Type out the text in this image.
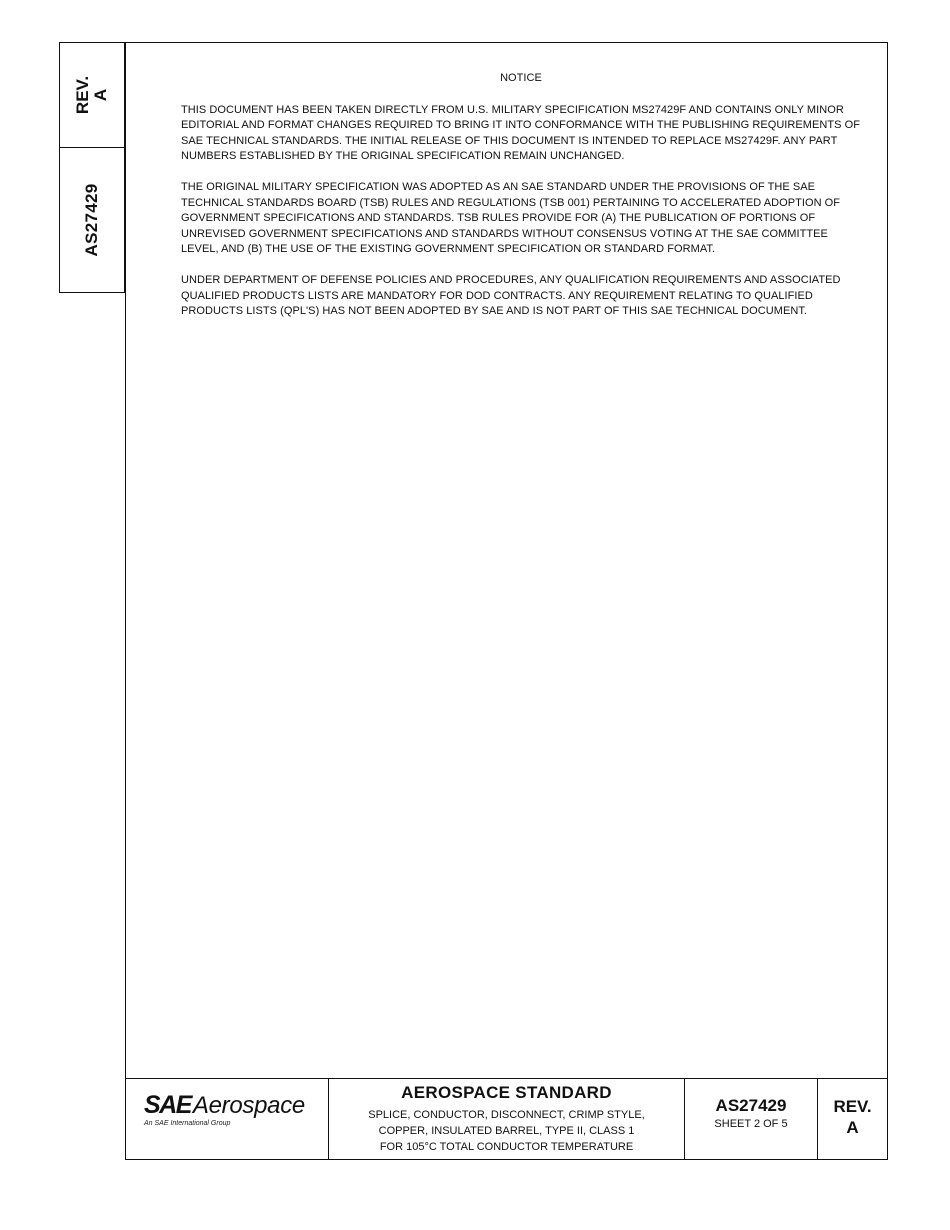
REV.
A
AS27429
NOTICE

THIS DOCUMENT HAS BEEN TAKEN DIRECTLY FROM U.S. MILITARY SPECIFICATION MS27429F AND CONTAINS ONLY MINOR EDITORIAL AND FORMAT CHANGES REQUIRED TO BRING IT INTO CONFORMANCE WITH THE PUBLISHING REQUIREMENTS OF SAE TECHNICAL STANDARDS. THE INITIAL RELEASE OF THIS DOCUMENT IS INTENDED TO REPLACE MS27429F. ANY PART NUMBERS ESTABLISHED BY THE ORIGINAL SPECIFICATION REMAIN UNCHANGED.

THE ORIGINAL MILITARY SPECIFICATION WAS ADOPTED AS AN SAE STANDARD UNDER THE PROVISIONS OF THE SAE TECHNICAL STANDARDS BOARD (TSB) RULES AND REGULATIONS (TSB 001) PERTAINING TO ACCELERATED ADOPTION OF GOVERNMENT SPECIFICATIONS AND STANDARDS. TSB RULES PROVIDE FOR (A) THE PUBLICATION OF PORTIONS OF UNREVISED GOVERNMENT SPECIFICATIONS AND STANDARDS WITHOUT CONSENSUS VOTING AT THE SAE COMMITTEE LEVEL, AND (B) THE USE OF THE EXISTING GOVERNMENT SPECIFICATION OR STANDARD FORMAT.

UNDER DEPARTMENT OF DEFENSE POLICIES AND PROCEDURES, ANY QUALIFICATION REQUIREMENTS AND ASSOCIATED QUALIFIED PRODUCTS LISTS ARE MANDATORY FOR DOD CONTRACTS. ANY REQUIREMENT RELATING TO QUALIFIED PRODUCTS LISTS (QPL'S) HAS NOT BEEN ADOPTED BY SAE AND IS NOT PART OF THIS SAE TECHNICAL DOCUMENT.

SAE Aerospace
An SAE International Group
AEROSPACE STANDARD
SPLICE, CONDUCTOR, DISCONNECT, CRIMP STYLE,
COPPER, INSULATED BARREL, TYPE II, CLASS 1
FOR 105°C TOTAL CONDUCTOR TEMPERATURE
AS27429
SHEET 2 OF 5
REV.
A
